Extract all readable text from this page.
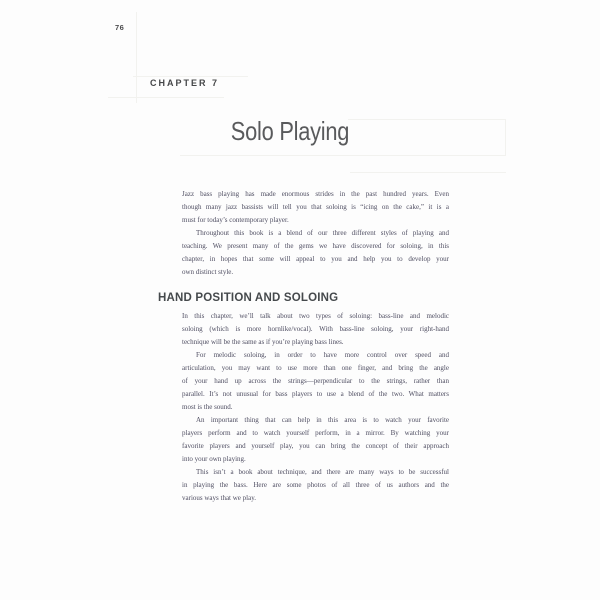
76
CHAPTER 7
Solo Playing
Jazz bass playing has made enormous strides in the past hundred years. Even
though many jazz bassists will tell you that soloing is “icing on the cake,” it is a
must for today’s contemporary player.
Throughout this book is a blend of our three different styles of playing and
teaching. We present many of the gems we have discovered for soloing, in this
chapter, in hopes that some will appeal to you and help you to develop your
own distinct style.
HAND POSITION AND SOLOING
In this chapter, we’ll talk about two types of soloing: bass-line and melodic
soloing (which is more hornlike/vocal). With bass-line soloing, your right-hand
technique will be the same as if you’re playing bass lines.
For melodic soloing, in order to have more control over speed and
articulation, you may want to use more than one finger, and bring the angle
of your hand up across the strings—perpendicular to the strings, rather than
parallel. It’s not unusual for bass players to use a blend of the two. What matters
most is the sound.
An important thing that can help in this area is to watch your favorite
players perform and to watch yourself perform, in a mirror. By watching your
favorite players and yourself play, you can bring the concept of their approach
into your own playing.
This isn’t a book about technique, and there are many ways to be successful
in playing the bass. Here are some photos of all three of us authors and the
various ways that we play.
